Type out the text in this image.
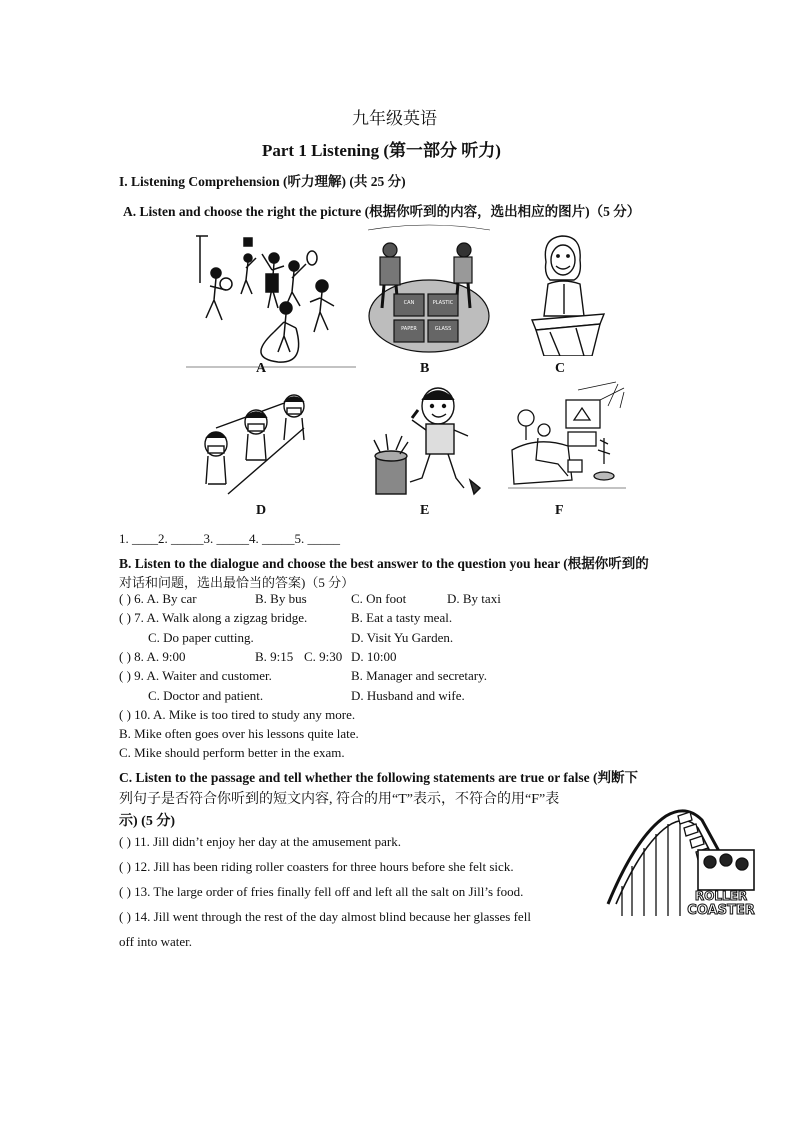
九年级英语
Part 1 Listening (第一部分 听力)
I. Listening Comprehension (听力理解) (共 25 分)
A. Listen and choose the right the picture (根据你听到的内容，选出相应的图片)（5 分）
A
CAN	PLASTIC
PAPER	GLASS
B	C
D	E	F
1. ____2. _____3. _____4. _____5. _____
B. Listen to the dialogue and choose the best answer to the question you hear (根据你听到的
对话和问题，选出最恰当的答案)（5 分）
( ) 6. A. By car	B. By bus	C. On foot	D. By taxi
( ) 7. A. Walk along a zigzag bridge.	B. Eat a tasty meal.
C. Do paper cutting.	D. Visit Yu Garden.
( ) 8. A. 9:00	B. 9:15 C. 9:30 D. 10:00
( ) 9. A. Waiter and customer.	B. Manager and secretary.
C. Doctor and patient.	D. Husband and wife.
( ) 10. A. Mike is too tired to study any more.
B. Mike often goes over his lessons quite late.
C. Mike should perform better in the exam.
C. Listen to the passage and tell whether the following statements are true or false (判断下
列句子是否符合你听到的短文内容, 符合的用“T”表示，不符合的用“F”表
示) (5 分)
( ) 11. Jill didn’t enjoy her day at the amusement park.
( ) 12. Jill has been riding roller coasters for three hours before she felt sick.
( ) 13. The large order of fries finally fell off and left all the salt on Jill’s food.
( ) 14. Jill went through the rest of the day almost blind because her glasses fell
off into water.
ROLLER
COASTER
